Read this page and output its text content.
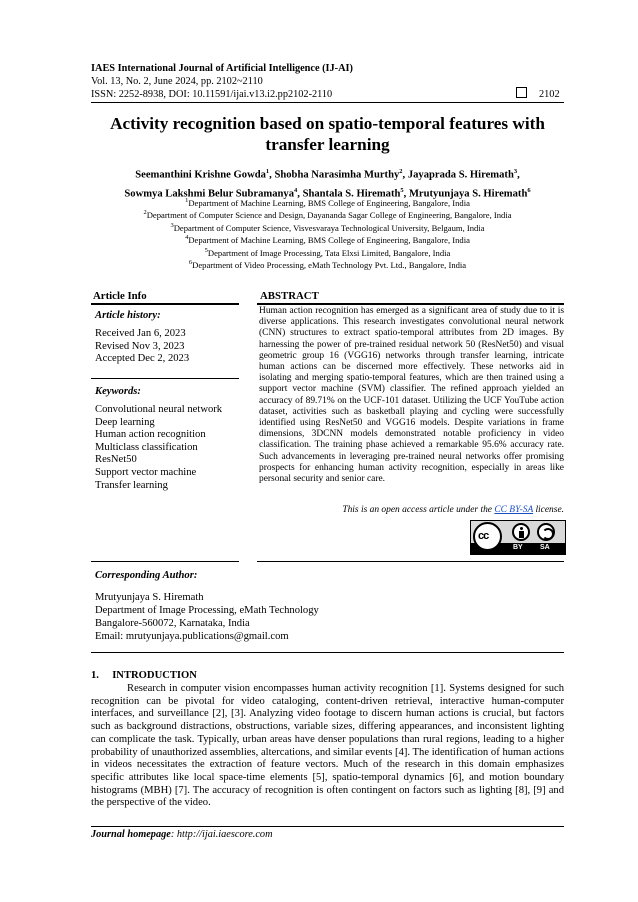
IAES International Journal of Artificial Intelligence (IJ-AI)
Vol. 13, No. 2, June 2024, pp. 2102~2110
ISSN: 2252-8938, DOI: 10.11591/ijai.v13.i2.pp2102-2110	2102
Activity recognition based on spatio-temporal features with transfer learning
Seemanthini Krishne Gowda$^1$, Shobha Narasimha Murthy$^2$, Jayaprada S. Hiremath$^3$,
Sowmya Lakshmi Belur Subramanya$^4$, Shantala S. Hiremath$^5$, Mrutyunjaya S. Hiremath$^6$
$^1$Department of Machine Learning, BMS College of Engineering, Bangalore, India
$^2$Department of Computer Science and Design, Dayananda Sagar College of Engineering, Bangalore, India
$^3$Department of Computer Science, Visvesvaraya Technological University, Belgaum, India
$^4$Department of Machine Learning, BMS College of Engineering, Bangalore, India
$^5$Department of Image Processing, Tata Elxsi Limited, Bangalore, India
$^6$Department of Video Processing, eMath Technology Pvt. Ltd., Bangalore, India
Article Info
Article history:
Received Jan 6, 2023
Revised Nov 3, 2023
Accepted Dec 2, 2023
Keywords:
Convolutional neural network
Deep learning
Human action recognition
Multiclass classification
ResNet50
Support vector machine
Transfer learning
ABSTRACT
Human action recognition has emerged as a significant area of study due to it is diverse applications. This research investigates convolutional neural network (CNN) structures to extract spatio-temporal attributes from 2D images. By harnessing the power of pre-trained residual network 50 (ResNet50) and visual geometric group 16 (VGG16) networks through transfer learning, intricate human actions can be discerned more effectively. These networks aid in isolating and merging spatio-temporal features, which are then trained using a support vector machine (SVM) classifier. The refined approach yielded an accuracy of 89.71% on the UCF-101 dataset. Utilizing the UCF YouTube action dataset, activities such as basketball playing and cycling were successfully identified using ResNet50 and VGG16 models. Despite variations in frame dimensions, 3DCNN models demonstrated notable proficiency in video classification. The training phase achieved a remarkable 95.6% accuracy rate. Such advancements in leveraging pre-trained neural networks offer promising prospects for enhancing human activity recognition, especially in areas like personal security and senior care.
This is an open access article under the CC BY-SA license.
cc
BY SA
Corresponding Author:
Mrutyunjaya S. Hiremath
Department of Image Processing, eMath Technology
Bangalore-560072, Karnataka, India
Email: mrutyunjaya.publications@gmail.com
1.     INTRODUCTION
Research in computer vision encompasses human activity recognition [1]. Systems designed for such recognition can be pivotal for video cataloging, content-driven retrieval, interactive human-computer interfaces, and surveillance [2], [3]. Analyzing video footage to discern human actions is crucial, but factors such as background distractions, obstructions, variable sizes, differing appearances, and inconsistent lighting can complicate the task. Typically, urban areas have denser populations than rural regions, leading to a higher probability of unauthorized assemblies, altercations, and similar events [4]. The identification of human actions in videos necessitates the extraction of feature vectors. Much of the research in this domain emphasizes specific attributes like local space-time elements [5], spatio-temporal dynamics [6], and motion boundary histograms (MBH) [7]. The accuracy of recognition is often contingent on factors such as lighting [8], [9] and the perspective of the video.
Journal homepage: http://ijai.iaescore.com
